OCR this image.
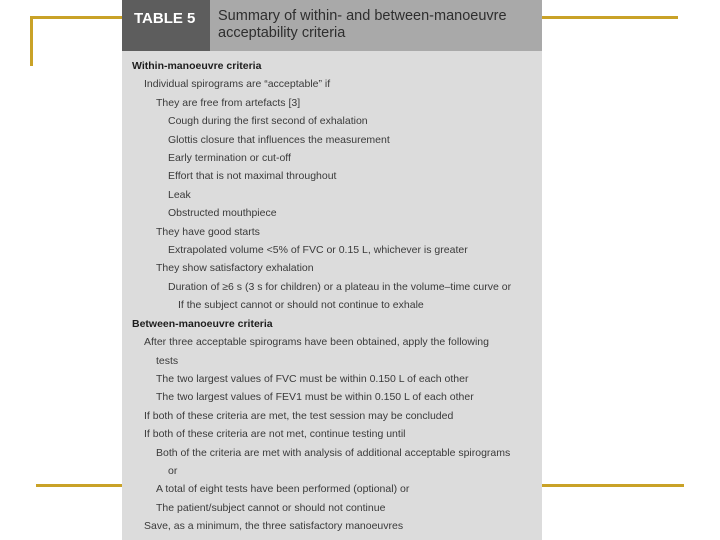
TABLE 5	Summary of within- and between-manoeuvre acceptability criteria
Within-manoeuvre criteria
Individual spirograms are “acceptable” if
They are free from artefacts [3]
Cough during the first second of exhalation
Glottis closure that influences the measurement
Early termination or cut-off
Effort that is not maximal throughout
Leak
Obstructed mouthpiece
They have good starts
Extrapolated volume <5% of FVC or 0.15 L, whichever is greater
They show satisfactory exhalation
Duration of ≥6 s (3 s for children) or a plateau in the volume–time curve or
If the subject cannot or should not continue to exhale
Between-manoeuvre criteria
After three acceptable spirograms have been obtained, apply the following
tests
The two largest values of FVC must be within 0.150 L of each other
The two largest values of FEV1 must be within 0.150 L of each other
If both of these criteria are met, the test session may be concluded
If both of these criteria are not met, continue testing until
Both of the criteria are met with analysis of additional acceptable spirograms
or
A total of eight tests have been performed (optional) or
The patient/subject cannot or should not continue
Save, as a minimum, the three satisfactory manoeuvres
